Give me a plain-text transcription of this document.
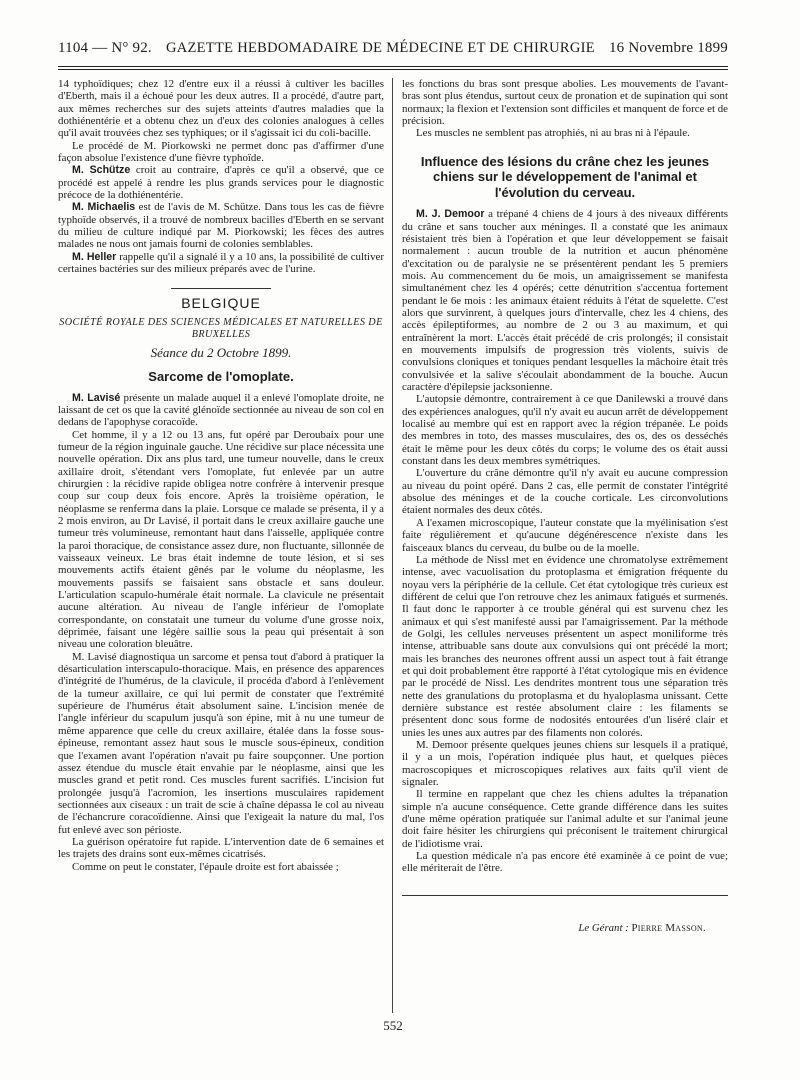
1104 — N° 92. GAZETTE HEBDOMADAIRE DE MÉDECINE ET DE CHIRURGIE 16 Novembre 1899

14 typhoïdiques; chez 12 d'entre eux il a réussi à cultiver les bacilles d'Eberth, mais il a échoué pour les deux autres. Il a procédé, d'autre part, aux mêmes recherches sur des sujets atteints d'autres maladies que la dothiénentérie et a obtenu chez un d'eux des colonies analogues à celles qu'il avait trouvées chez ses typhiques; or il s'agissait ici du coli-bacille.

Le procédé de M. Piorkowski ne permet donc pas d'affirmer d'une façon absolue l'existence d'une fièvre typhoïde.

M. Schütze croit au contraire, d'après ce qu'il a observé, que ce procédé est appelé à rendre les plus grands services pour le diagnostic précoce de la dothiénentérie.

M. Michaelis est de l'avis de M. Schütze. Dans tous les cas de fièvre typhoïde observés, il a trouvé de nombreux bacilles d'Eberth en se servant du milieu de culture indiqué par M. Piorkowski; les fèces des autres malades ne nous ont jamais fourni de colonies semblables.

M. Heller rappelle qu'il a signalé il y a 10 ans, la possibilité de cultiver certaines bactéries sur des milieux préparés avec de l'urine.

BELGIQUE
SOCIÉTÉ ROYALE DES SCIENCES MÉDICALES ET NATURELLES DE BRUXELLES
Séance du 2 Octobre 1899.
Sarcome de l'omoplate.

M. Lavisé présente un malade auquel il a enlevé l'omoplate droite, ne laissant de cet os que la cavité glénoïde sectionnée au niveau de son col en dedans de l'apophyse coracoïde.

Cet homme, il y a 12 ou 13 ans, fut opéré par Deroubaix pour une tumeur de la région inguinale gauche. Une récidive sur place nécessita une nouvelle opération. Dix ans plus tard, une tumeur nouvelle, dans le creux axillaire droit, s'étendant vers l'omoplate, fut enlevée par un autre chirurgien : la récidive rapide obligea notre confrère à intervenir presque coup sur coup deux fois encore. Après la troisième opération, le néoplasme se renferma dans la plaie. Lorsque ce malade se présenta, il y a 2 mois environ, au Dr Lavisé, il portait dans le creux axillaire gauche une tumeur très volumineuse, remontant haut dans l'aisselle, appliquée contre la paroi thoracique, de consistance assez dure, non fluctuante, sillonnée de vaisseaux veineux. Le bras était indemne de toute lésion, et si ses mouvements actifs étaient gênés par le volume du néoplasme, les mouvements passifs se faisaient sans obstacle et sans douleur. L'articulation scapulo-humérale était normale. La clavicule ne présentait aucune altération. Au niveau de l'angle inférieur de l'omoplate correspondante, on constatait une tumeur du volume d'une grosse noix, déprimée, faisant une légère saillie sous la peau qui présentait à son niveau une coloration bleuâtre.

M. Lavisé diagnostiqua un sarcome et pensa tout d'abord à pratiquer la désarticulation interscapulo-thoracique. Mais, en présence des apparences d'intégrité de l'humérus, de la clavicule, il procéda d'abord à l'enlèvement de la tumeur axillaire, ce qui lui permit de constater que l'extrémité supérieure de l'humérus était absolument saine. L'incision menée de l'angle inférieur du scapulum jusqu'à son épine, mit à nu une tumeur de même apparence que celle du creux axillaire, étalée dans la fosse sous-épineuse, remontant assez haut sous le muscle sous-épineux, condition que l'examen avant l'opération n'avait pu faire soupçonner. Une portion assez étendue du muscle était envahie par le néoplasme, ainsi que les muscles grand et petit rond. Ces muscles furent sacrifiés. L'incision fut prolongée jusqu'à l'acromion, les insertions musculaires rapidement sectionnées aux ciseaux : un trait de scie à chaîne dépassa le col au niveau de l'échancrure coracoïdienne. Ainsi que l'exigeait la nature du mal, l'os fut enlevé avec son périoste.

La guérison opératoire fut rapide. L'intervention date de 6 semaines et les trajets des drains sont eux-mêmes cicatrisés.

Comme on peut le constater, l'épaule droite est fort abaissée ;

les fonctions du bras sont presque abolies. Les mouvements de l'avant-bras sont plus étendus, surtout ceux de pronation et de supination qui sont normaux; la flexion et l'extension sont difficiles et manquent de force et de précision.

Les muscles ne semblent pas atrophiés, ni au bras ni à l'épaule.

Influence des lésions du crâne chez les jeunes chiens sur le développement de l'animal et l'évolution du cerveau.

M. J. Demoor a trépané 4 chiens de 4 jours à des niveaux différents du crâne et sans toucher aux méninges. Il a constaté que les animaux résistaient très bien à l'opération et que leur développement se faisait normalement : aucun trouble de la nutrition et aucun phénomène d'excitation ou de paralysie ne se présentèrent pendant les 5 premiers mois. Au commencement du 6e mois, un amaigrissement se manifesta simultanément chez les 4 opérés; cette dénutrition s'accentua fortement pendant le 6e mois : les animaux étaient réduits à l'état de squelette. C'est alors que survinrent, à quelques jours d'intervalle, chez les 4 chiens, des accès épileptiformes, au nombre de 2 ou 3 au maximum, et qui entraînèrent la mort. L'accès était précédé de cris prolongés; il consistait en mouvements impulsifs de progression très violents, suivis de convulsions cloniques et toniques pendant lesquelles la mâchoire était très convulsivée et la salive s'écoulait abondamment de la bouche. Aucun caractère d'épilepsie jacksonienne.

L'autopsie démontre, contrairement à ce que Danilewski a trouvé dans des expériences analogues, qu'il n'y avait eu aucun arrêt de développement localisé au membre qui est en rapport avec la région trépanée. Le poids des membres in toto, des masses musculaires, des os, des os desséchés était le même pour les deux côtés du corps; le volume des os était aussi constant dans les deux membres symétriques.

L'ouverture du crâne démontre qu'il n'y avait eu aucune compression au niveau du point opéré. Dans 2 cas, elle permit de constater l'intégrité absolue des méninges et de la couche corticale. Les circonvolutions étaient normales des deux côtés.

A l'examen microscopique, l'auteur constate que la myélinisation s'est faite régulièrement et qu'aucune dégénérescence n'existe dans les faisceaux blancs du cerveau, du bulbe ou de la moelle.

La méthode de Nissl met en évidence une chromatolyse extrêmement intense, avec vacuolisation du protoplasma et émigration fréquente du noyau vers la périphérie de la cellule. Cet état cytologique très curieux est différent de celui que l'on retrouve chez les animaux fatigués et surmenés. Il faut donc le rapporter à ce trouble général qui est survenu chez les animaux et qui s'est manifesté aussi par l'amaigrissement. Par la méthode de Golgi, les cellules nerveuses présentent un aspect moniliforme très intense, attribuable sans doute aux convulsions qui ont précédé la mort; mais les branches des neurones offrent aussi un aspect tout à fait étrange et qui doit probablement être rapporté à l'état cytologique mis en évidence par le procédé de Nissl. Les dendrites montrent tous une séparation très nette des granulations du protoplasma et du hyaloplasma unissant. Cette dernière substance est restée absolument claire : les filaments se présentent donc sous forme de nodosités entourées d'un liséré clair et unies les unes aux autres par des filaments non colorés.

M. Demoor présente quelques jeunes chiens sur lesquels il a pratiqué, il y a un mois, l'opération indiquée plus haut, et quelques pièces macroscopiques et microscopiques relatives aux faits qu'il vient de signaler.

Il termine en rappelant que chez les chiens adultes la trépanation simple n'a aucune conséquence. Cette grande différence dans les suites d'une même opération pratiquée sur l'animal adulte et sur l'animal jeune doit faire hésiter les chirurgiens qui préconisent le traitement chirurgical de l'idiotisme vrai.

La question médicale n'a pas encore été examinée à ce point de vue; elle mériterait de l'être.

Le Gérant : Pierre Masson.
552
